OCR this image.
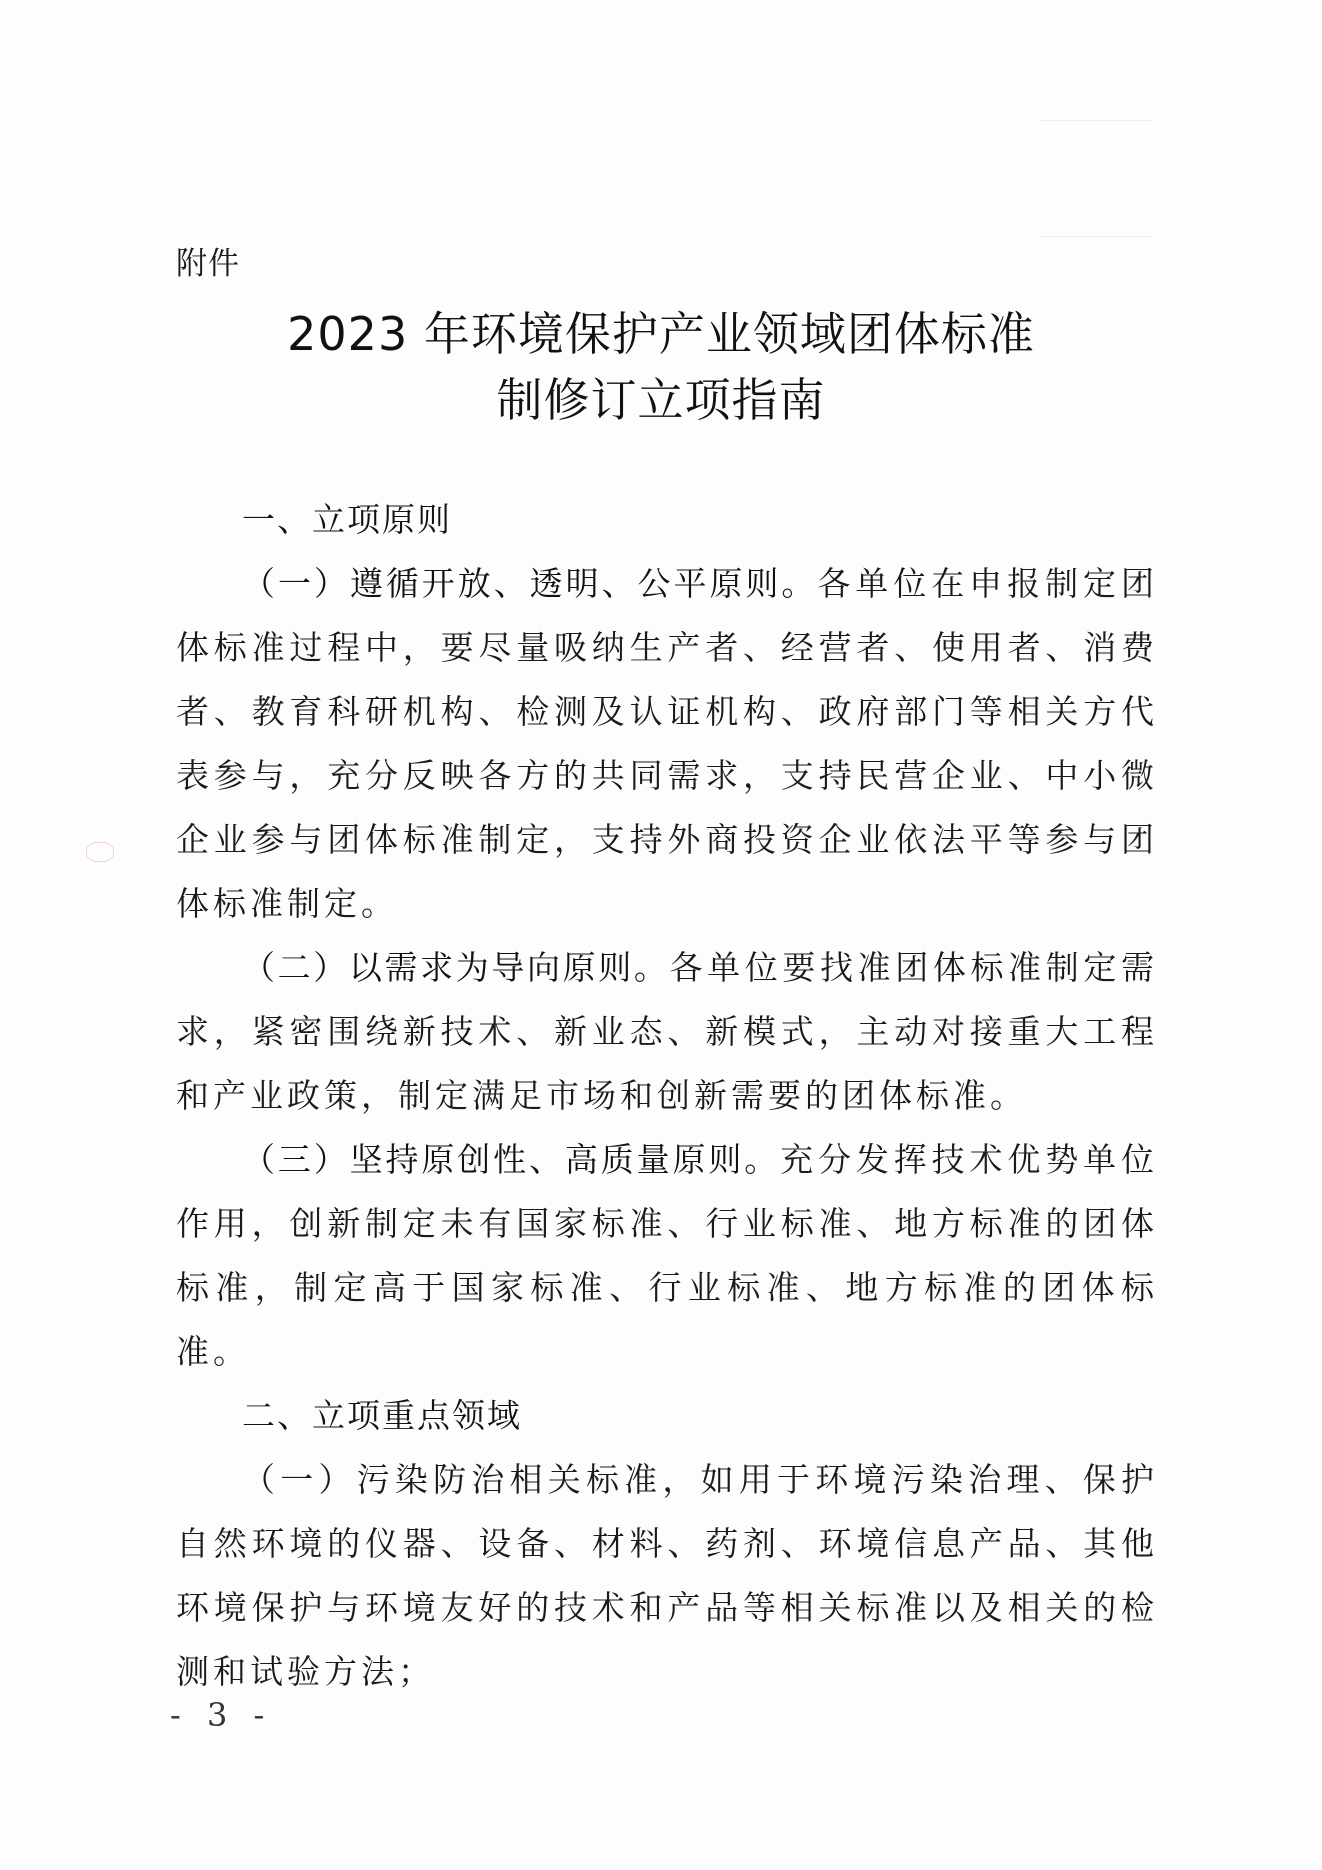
附件
2023 年环境保护产业领域团体标准
制修订立项指南
一、立项原则

（一）遵循开放、透明、公平原则。各单位在申报制定团体标准过程中，要尽量吸纳生产者、经营者、使用者、消费者、教育科研机构、检测及认证机构、政府部门等相关方代表参与，充分反映各方的共同需求，支持民营企业、中小微企业参与团体标准制定，支持外商投资企业依法平等参与团体标准制定。

（二）以需求为导向原则。各单位要找准团体标准制定需求，紧密围绕新技术、新业态、新模式，主动对接重大工程和产业政策，制定满足市场和创新需要的团体标准。

（三）坚持原创性、高质量原则。充分发挥技术优势单位作用，创新制定未有国家标准、行业标准、地方标准的团体标准，制定高于国家标准、行业标准、地方标准的团体标准。

二、立项重点领域

（一）污染防治相关标准，如用于环境污染治理、保护自然环境的仪器、设备、材料、药剂、环境信息产品、其他环境保护与环境友好的技术和产品等相关标准以及相关的检测和试验方法；

- 3 -
